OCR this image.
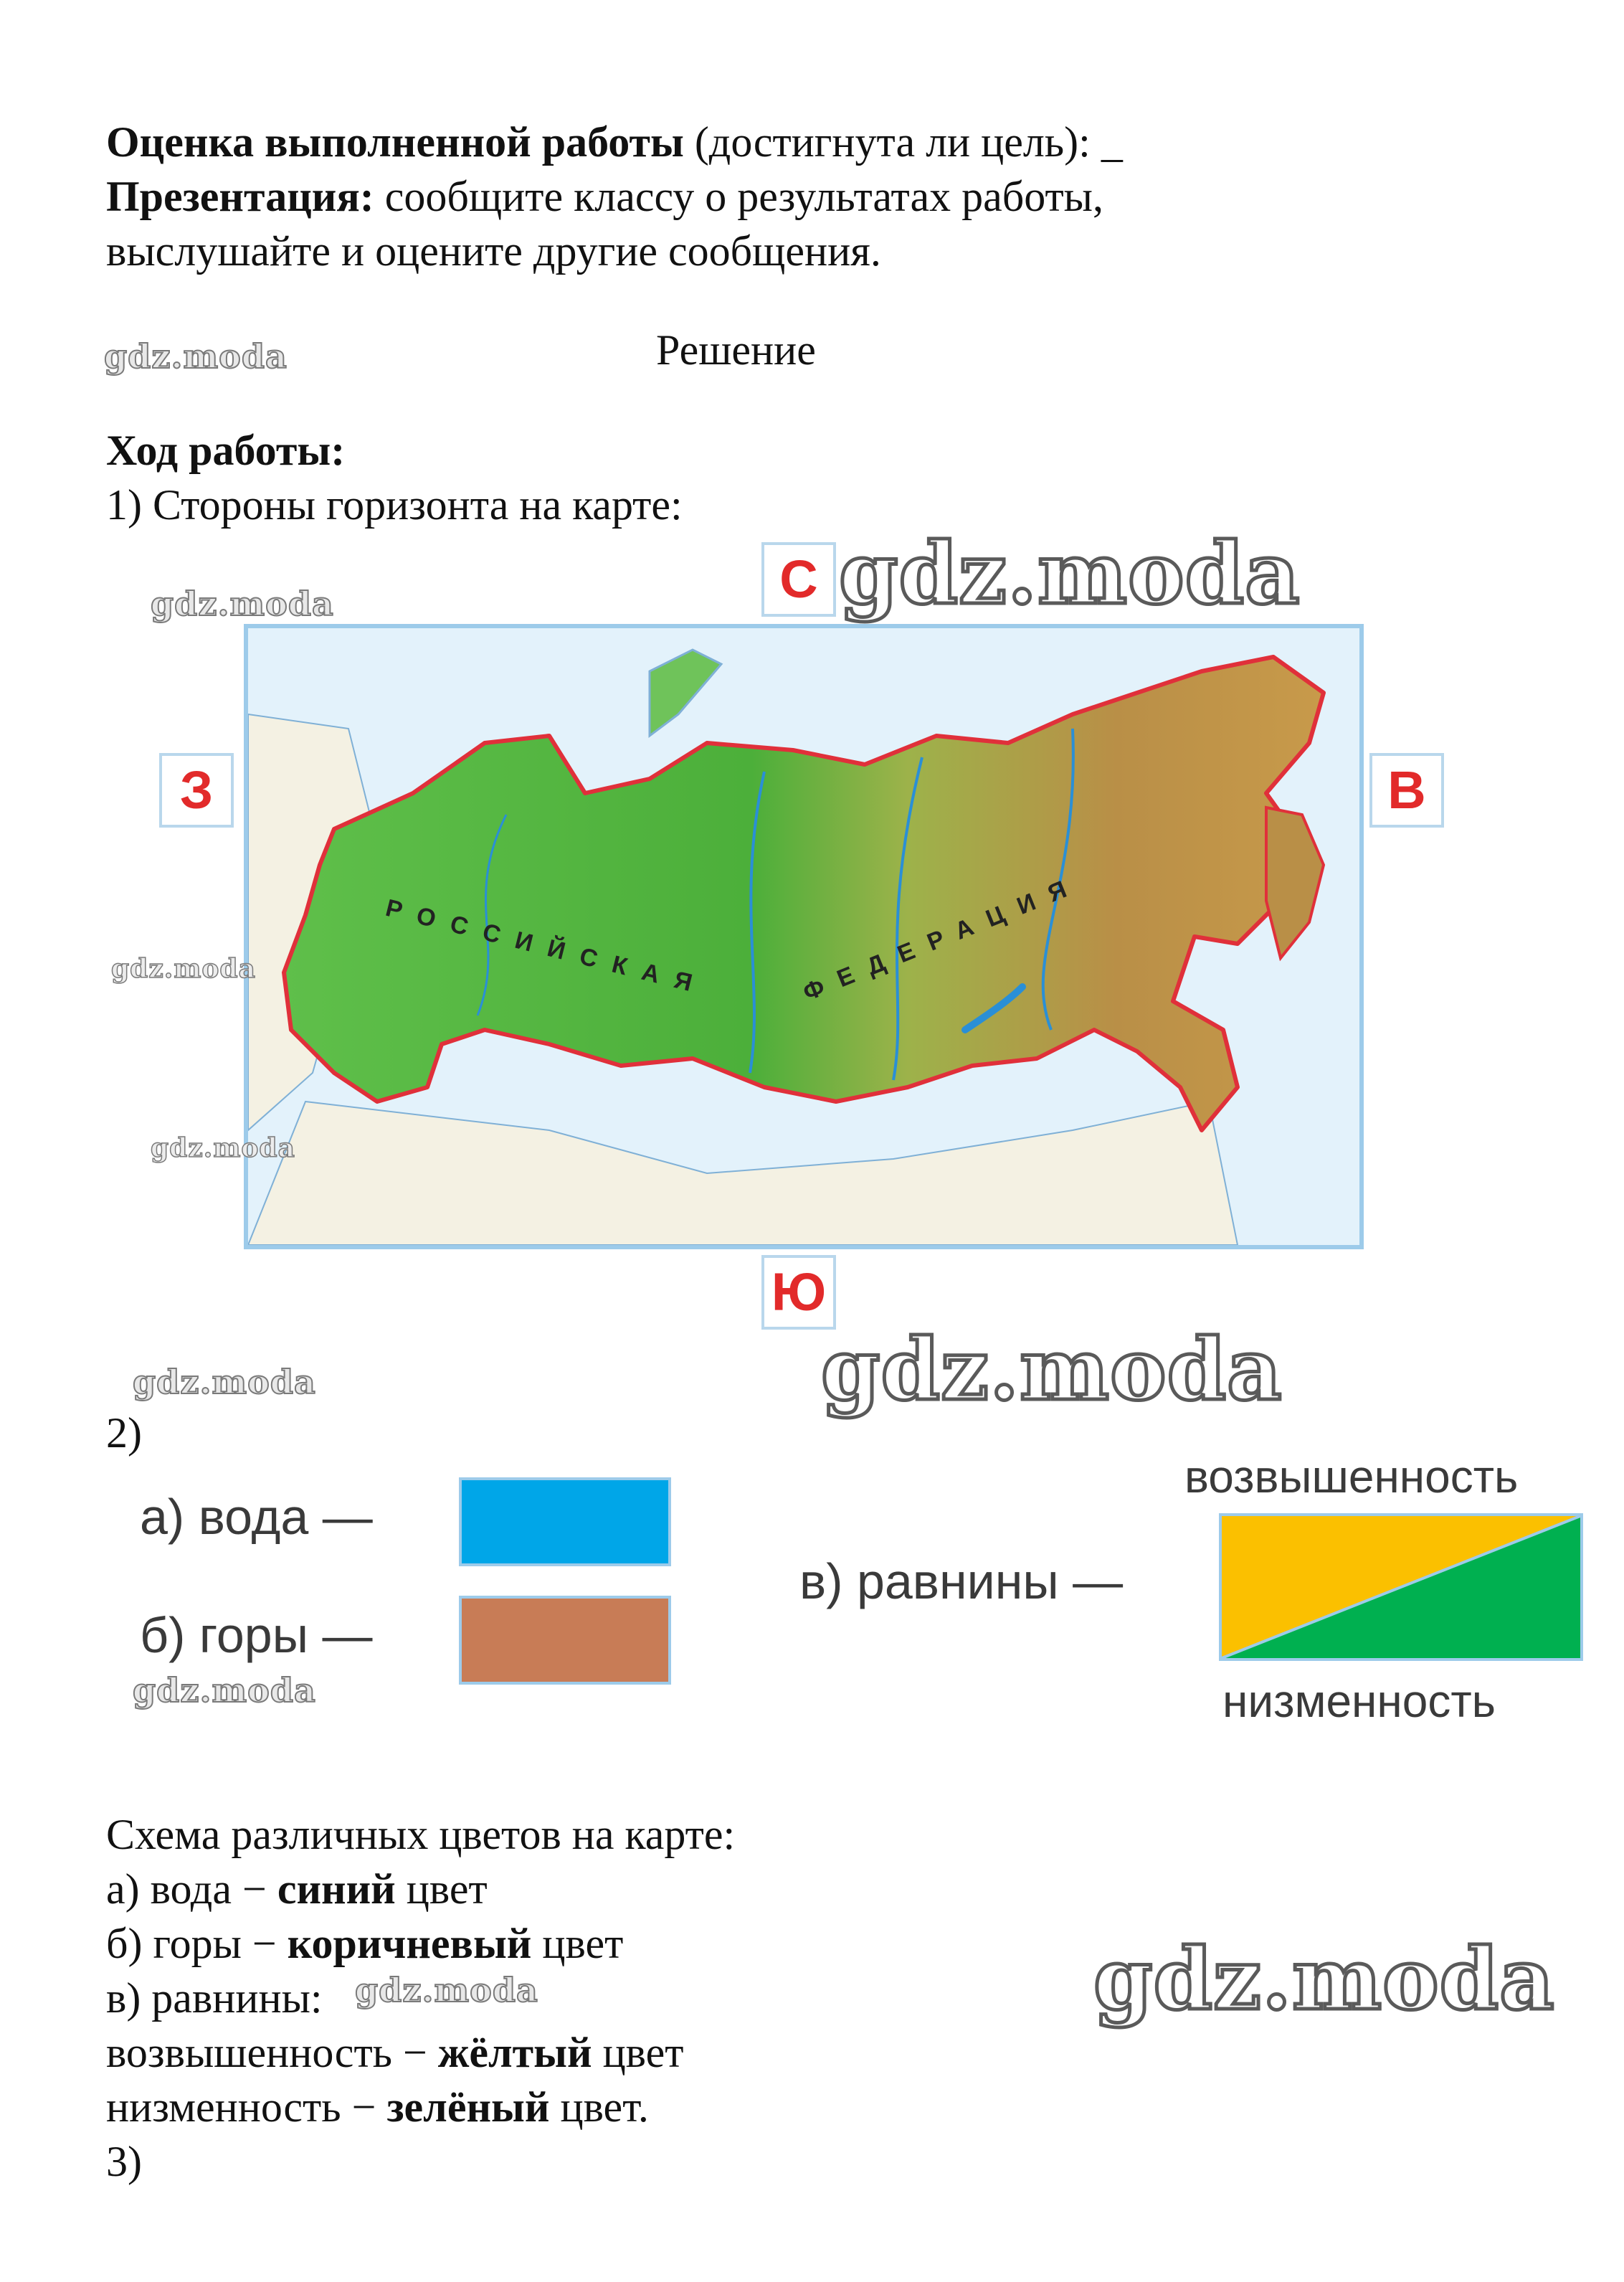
Оценка выполненной работы (достигнута ли цель): _
Презентация: сообщите классу о результатах работы,
выслушайте и оцените другие сообщения.
Решение
Ход работы:
1) Стороны горизонта на карте:
С
Ю
З	В
РОССИЙСКАЯ	ФЕДЕРАЦИЯ
2)
а) вода —
б) горы —
в) равнины —
возвышенность
низменность
Схема различных цветов на карте:
а) вода − синий цвет
б) горы − коричневый цвет
в) равнины:
возвышенность − жёлтый цвет
низменность − зелёный цвет.
3)
gdz.moda
gdz.moda
gdz.moda
gdz.moda
gdz.moda
gdz.moda	gdz.moda
gdz.moda
gdz.moda	gdz.moda
